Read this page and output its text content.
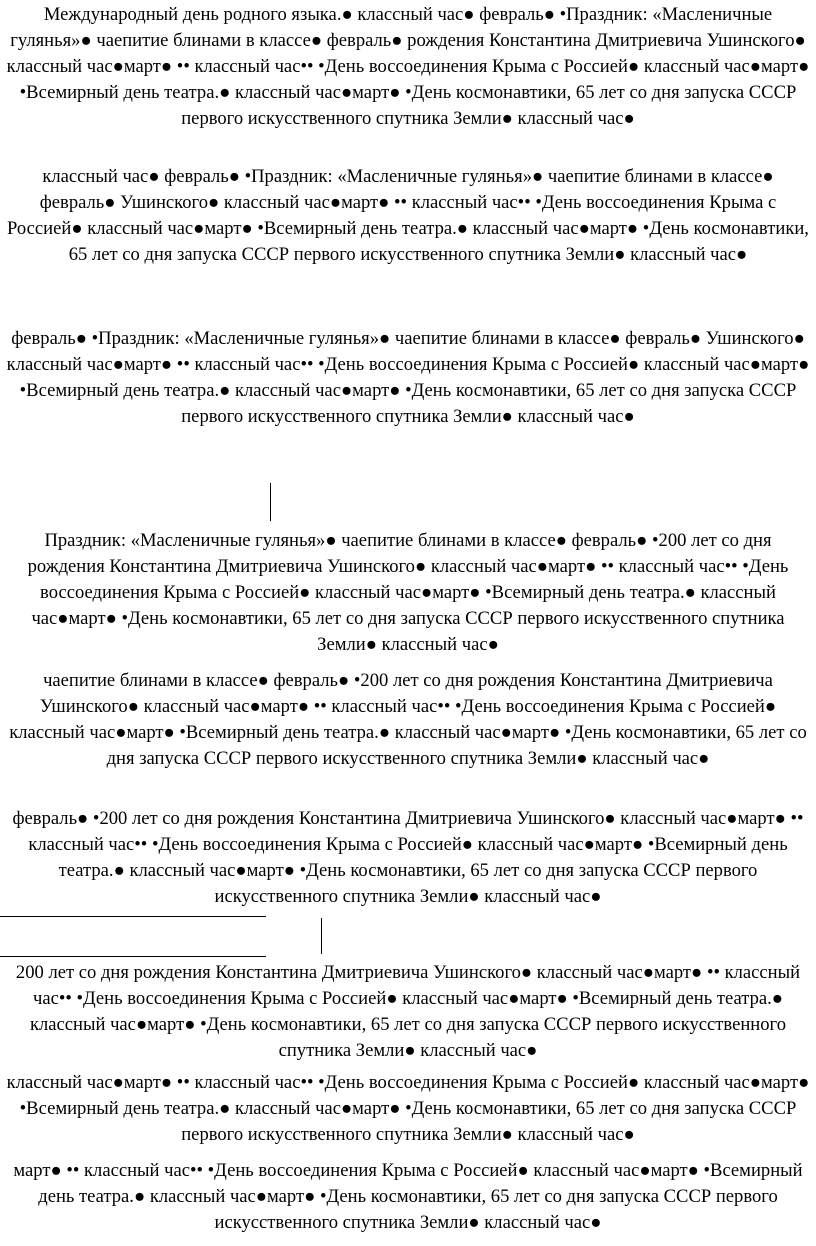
Международный день родного языка.● классный час● февраль● •Праздник: «Масленичные гулянья»● чаепитие блинами в классе● февраль● рождения Константина Дмитриевича Ушинского● классный час●март● •• классный час•• •День воссоединения Крыма с Россией● классный час●март● •Всемирный день театра.● классный час●март● •День космонавтики, 65 лет со дня запуска СССР первого искусственного спутника Земли● классный час●

классный час● февраль● •Праздник: «Масленичные гулянья»● чаепитие блинами в классе● февраль● Ушинского● классный час●март● •• классный час•• •День воссоединения Крыма с Россией● классный час●март● •Всемирный день театра.● классный час●март● •День космонавтики, 65 лет со дня запуска СССР первого искусственного спутника Земли● классный час●

февраль● •Праздник: «Масленичные гулянья»● чаепитие блинами в классе● февраль● Ушинского● классный час●март● •• классный час•• •День воссоединения Крыма с Россией● классный час●март● •Всемирный день театра.● классный час●март● •День космонавтики, 65 лет со дня запуска СССР первого искусственного спутника Земли● классный час●

Праздник: «Масленичные гулянья»● чаепитие блинами в классе● февраль● •200 лет со дня рождения Константина Дмитриевича Ушинского● классный час●март● •• классный час•• •День воссоединения Крыма с Россией● классный час●март● •Всемирный день театра.● классный час●март● •День космонавтики, 65 лет со дня запуска СССР первого искусственного спутника Земли● классный час●

чаепитие блинами в классе● февраль● •200 лет со дня рождения Константина Дмитриевича Ушинского● классный час●март● •• классный час•• •День воссоединения Крыма с Россией● классный час●март● •Всемирный день театра.● классный час●март● •День космонавтики, 65 лет со дня запуска СССР первого искусственного спутника Земли● классный час●

февраль● •200 лет со дня рождения Константина Дмитриевича Ушинского● классный час●март● •• классный час•• •День воссоединения Крыма с Россией● классный час●март● •Всемирный день театра.● классный час●март● •День космонавтики, 65 лет со дня запуска СССР первого искусственного спутника Земли● классный час●

200 лет со дня рождения Константина Дмитриевича Ушинского● классный час●март● •• классный час•• •День воссоединения Крыма с Россией● классный час●март● •Всемирный день театра.● классный час●март● •День космонавтики, 65 лет со дня запуска СССР первого искусственного спутника Земли● классный час●

классный час●март● •• классный час•• •День воссоединения Крыма с Россией● классный час●март● •Всемирный день театра.● классный час●март● •День космонавтики, 65 лет со дня запуска СССР первого искусственного спутника Земли● классный час●

март● •• классный час•• •День воссоединения Крыма с Россией● классный час●март● •Всемирный день театра.● классный час●март● •День космонавтики, 65 лет со дня запуска СССР первого искусственного спутника Земли● классный час●
